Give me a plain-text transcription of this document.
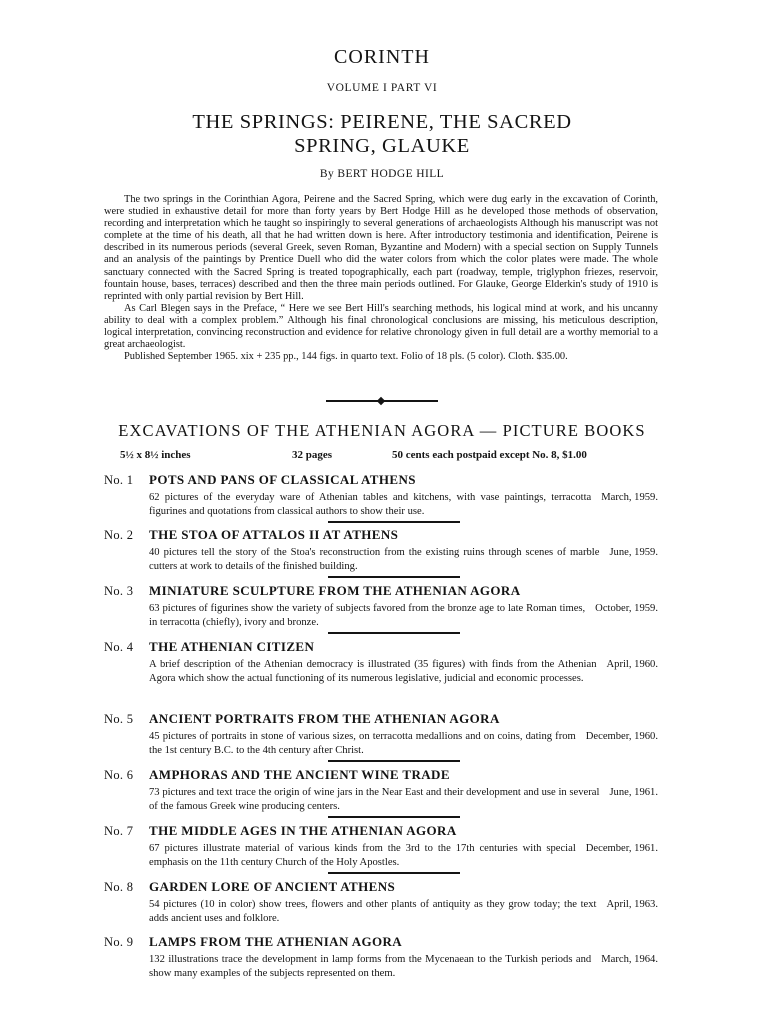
CORINTH
VOLUME I PART VI
THE SPRINGS: PEIRENE, THE SACRED
SPRING, GLAUKE
By BERT HODGE HILL

The two springs in the Corinthian Agora, Peirene and the Sacred Spring, which were dug early in the excavation of Corinth, were studied in exhaustive detail for more than forty years by Bert Hodge Hill as he developed those methods of observation, recording and interpretation which he taught so inspiringly to several generations of archaeologists Although his manuscript was not complete at the time of his death, all that he had written down is here. After introductory testimonia and identification, Peirene is described in its numerous periods (several Greek, seven Roman, Byzantine and Modern) with a special section on Supply Tunnels and an analysis of the paintings by Prentice Duell who did the water colors from which the color plates were made. The whole sanctuary connected with the Sacred Spring is treated topographically, each part (roadway, temple, triglyphon friezes, reservoir, fountain house, bases, terraces) described and then the three main periods outlined. For Glauke, George Elderkin's study of 1910 is reprinted with only partial revision by Bert Hill.

As Carl Blegen says in the Preface, “ Here we see Bert Hill's searching methods, his logical mind at work, and his uncanny ability to deal with a complex problem.” Although his final chronological conclusions are missing, his meticulous description, logical interpretation, convincing reconstruction and evidence for relative chronology given in full detail are a worthy memorial to a great archaeologist.

Published September 1965. xix + 235 pp., 144 figs. in quarto text. Folio of 18 pls. (5 color). Cloth. $35.00.

EXCAVATIONS OF THE ATHENIAN AGORA — PICTURE BOOKS
5½ x 8½ inches	32 pages	50 cents each postpaid except No. 8, $1.00
No. 1	POTS AND PANS OF CLASSICAL ATHENS
March, 1959.
62 pictures of the everyday ware of Athenian tables and kitchens, with vase paintings, terracotta figurines and quotations from classical authors to show their use.
No. 2	THE STOA OF ATTALOS II AT ATHENS
June, 1959.
40 pictures tell the story of the Stoa's reconstruction from the existing ruins through scenes of marble cutters at work to details of the finished building.
No. 3	MINIATURE SCULPTURE FROM THE ATHENIAN AGORA
October, 1959.
63 pictures of figurines show the variety of subjects favored from the bronze age to late Roman times, in terracotta (chiefly), ivory and bronze.
No. 4	THE ATHENIAN CITIZEN
April, 1960.
A brief description of the Athenian democracy is illustrated (35 figures) with finds from the Athenian Agora which show the actual functioning of its numerous legislative, judicial and economic processes.
No. 5	ANCIENT PORTRAITS FROM THE ATHENIAN AGORA
December, 1960.
45 pictures of portraits in stone of various sizes, on terracotta medallions and on coins, dating from the 1st century B.C. to the 4th century after Christ.
No. 6	AMPHORAS AND THE ANCIENT WINE TRADE
June, 1961.
73 pictures and text trace the origin of wine jars in the Near East and their development and use in several of the famous Greek wine producing centers.
No. 7	THE MIDDLE AGES IN THE ATHENIAN AGORA
December, 1961.
67 pictures illustrate material of various kinds from the 3rd to the 17th centuries with special emphasis on the 11th century Church of the Holy Apostles.
No. 8	GARDEN LORE OF ANCIENT ATHENS
April, 1963.
54 pictures (10 in color) show trees, flowers and other plants of antiquity as they grow today; the text adds ancient uses and folklore.
No. 9	LAMPS FROM THE ATHENIAN AGORA
March, 1964.
132 illustrations trace the development in lamp forms from the Mycenaean to the Turkish periods and show many examples of the subjects represented on them.
